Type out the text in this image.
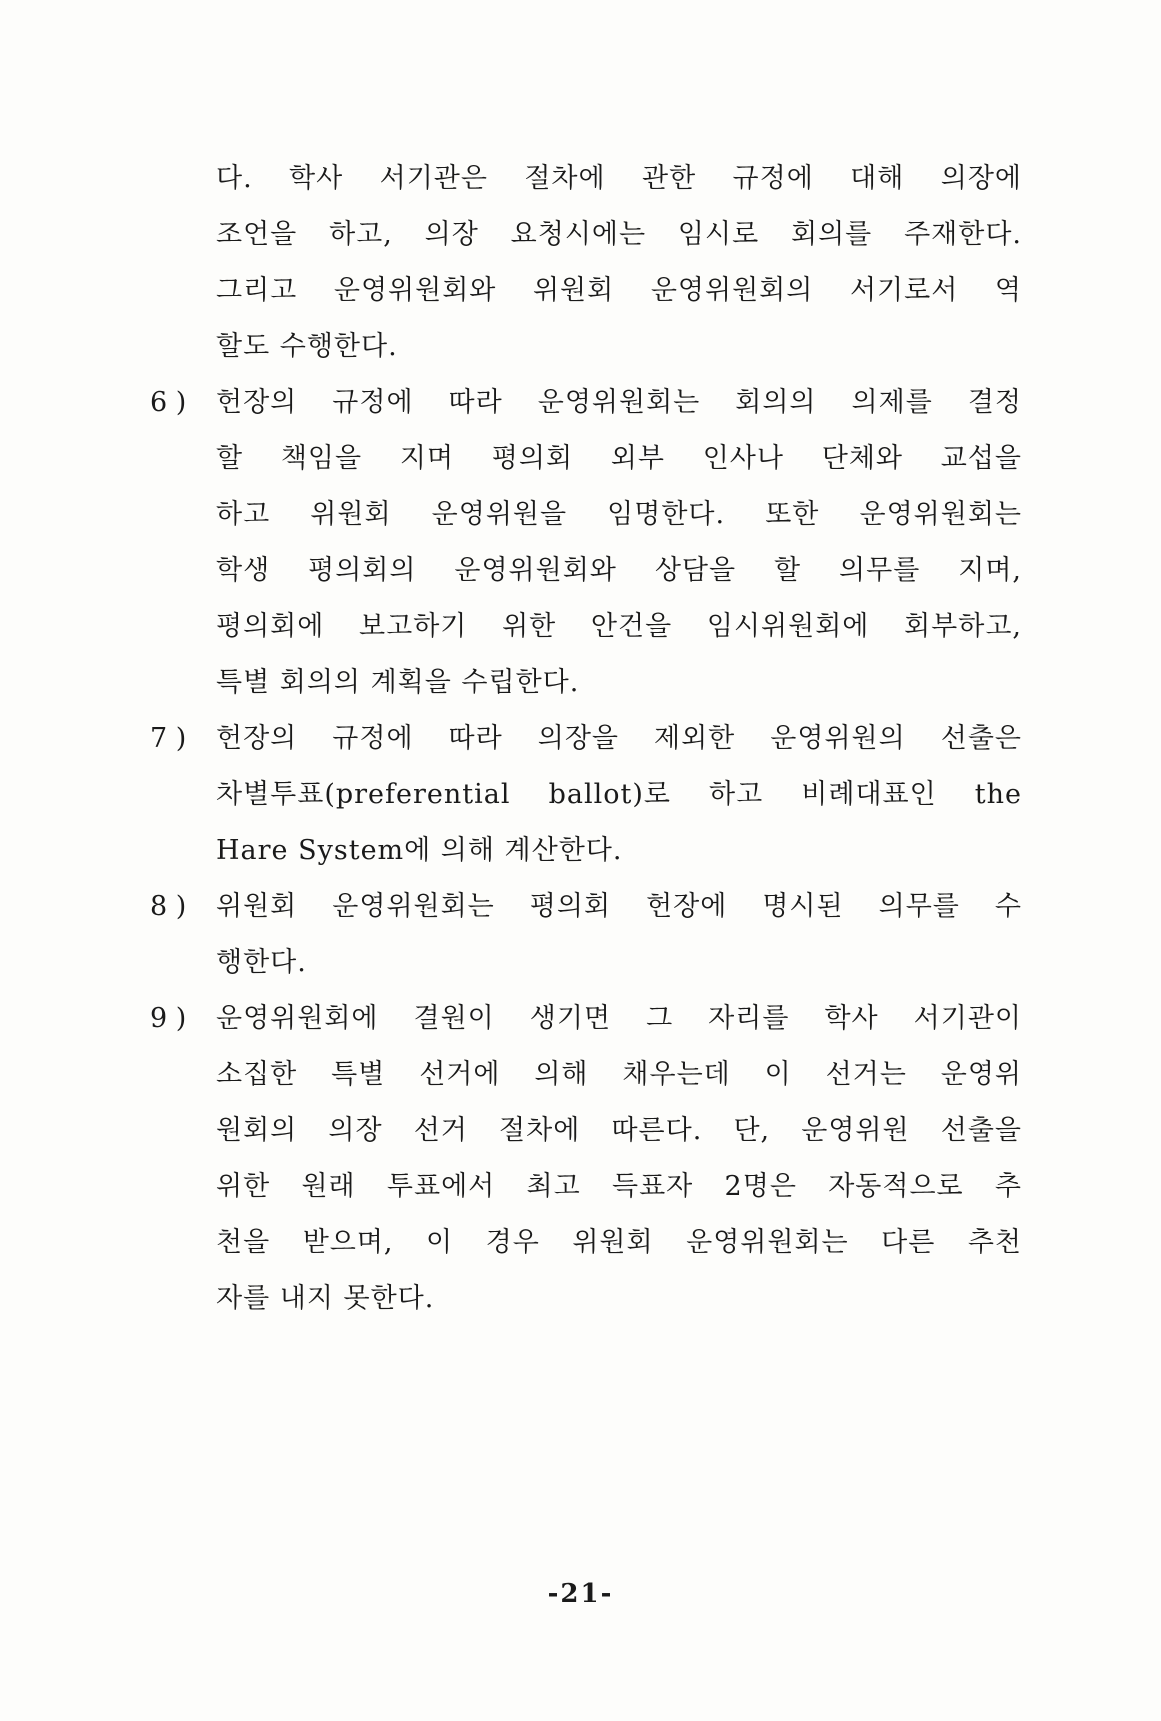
다. 학사 서기관은 절차에 관한 규정에 대해 의장에
조언을 하고, 의장 요청시에는 임시로 회의를 주재한다.
그리고 운영위원회와 위원회 운영위원회의 서기로서 역
할도 수행한다.
6 )	헌장의 규정에 따라 운영위원회는 회의의 의제를 결정
할 책임을 지며 평의회 외부 인사나 단체와 교섭을
하고 위원회 운영위원을 임명한다. 또한 운영위원회는
학생 평의회의 운영위원회와 상담을 할 의무를 지며,
평의회에 보고하기 위한 안건을 임시위원회에 회부하고,
특별 회의의 계획을 수립한다.
7 )	헌장의 규정에 따라 의장을 제외한 운영위원의 선출은
차별투표(preferential ballot)로 하고 비례대표인 the
Hare System에 의해 계산한다.
8 )	위원회 운영위원회는 평의회 헌장에 명시된 의무를 수
행한다.
9 )	운영위원회에 결원이 생기면 그 자리를 학사 서기관이
소집한 특별 선거에 의해 채우는데 이 선거는 운영위
원회의 의장 선거 절차에 따른다. 단, 운영위원 선출을
위한 원래 투표에서 최고 득표자 2명은 자동적으로 추
천을 받으며, 이 경우 위원회 운영위원회는 다른 추천
자를 내지 못한다.
-21-
